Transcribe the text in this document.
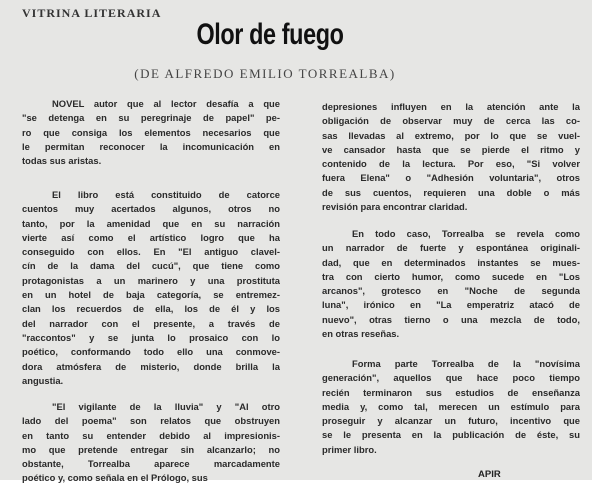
VITRINA LITERARIA
Olor de fuego
(DE ALFREDO EMILIO TORREALBA)
NOVEL autor que al lector desafía a que
"se detenga en su peregrinaje de papel" pe-
ro que consiga los elementos necesarios que
le permitan reconocer la incomunicación en
todas sus aristas.
El libro está constituido de catorce
cuentos muy acertados algunos, otros no
tanto, por la amenidad que en su narración
vierte así como el artístico logro que ha
conseguido con ellos. En "El antiguo clavel-
cín de la dama del cucú", que tiene como
protagonistas a un marinero y una prostituta
en un hotel de baja categoría, se entremez-
clan los recuerdos de ella, los de él y los
del narrador con el presente, a través de
"raccontos" y se junta lo prosaico con lo
poético, conformando todo ello una conmove-
dora atmósfera de misterio, donde brilla la
angustia.
"El vigilante de la lluvia" y "Al otro
lado del poema" son relatos que obstruyen
en tanto su entender debido al impresionis-
mo que pretende entregar sin alcanzarlo; no
obstante, Torrealba aparece marcadamente
poético y, como señala en el Prólogo, sus
depresiones influyen en la atención ante la
obligación de observar muy de cerca las co-
sas llevadas al extremo, por lo que se vuel-
ve cansador hasta que se pierde el ritmo y
contenido de la lectura. Por eso, "Si volver
fuera Elena" o "Adhesión voluntaria", otros
de sus cuentos, requieren una doble o más
revisión para encontrar claridad.
En todo caso, Torrealba se revela como
un narrador de fuerte y espontánea originali-
dad, que en determinados instantes se mues-
tra con cierto humor, como sucede en "Los
arcanos", grotesco en "Noche de segunda
luna", irónico en "La emperatriz atacó de
nuevo", otras tierno o una mezcla de todo,
en otras reseñas.
Forma parte Torrealba de la "novísima
generación", aquellos que hace poco tiempo
recién terminaron sus estudios de enseñanza
media y, como tal, merecen un estímulo para
proseguir y alcanzar un futuro, incentivo que
se le presenta en la publicación de éste, su
primer libro.
APIR
